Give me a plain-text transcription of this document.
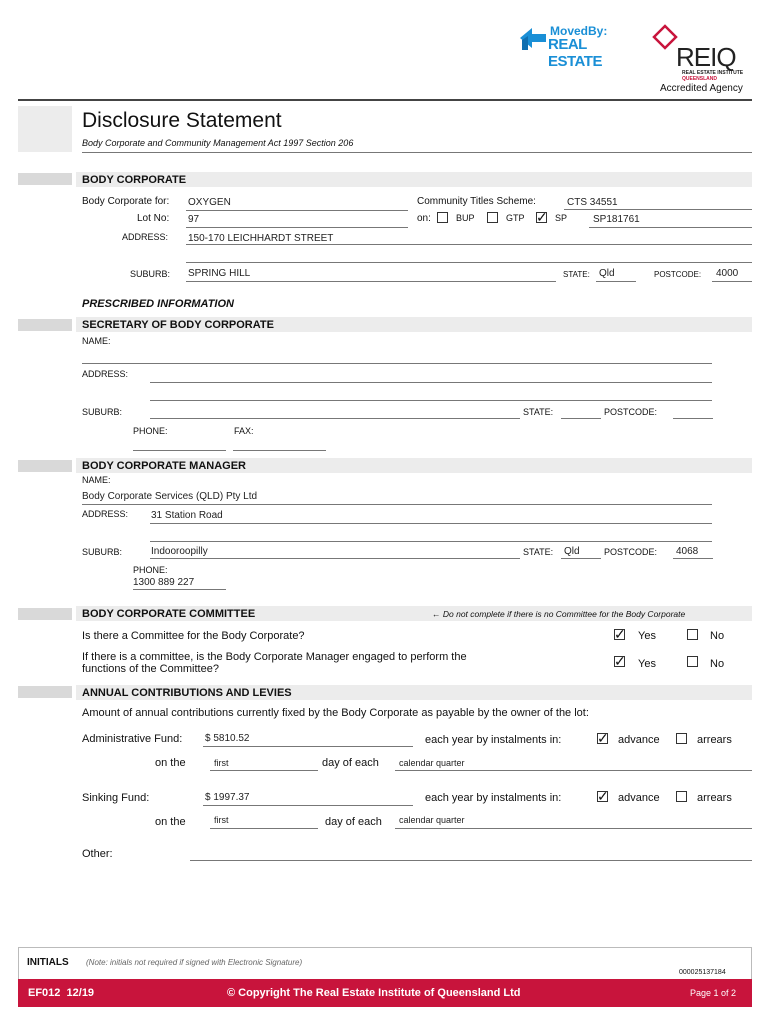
MovedBy:
REAL ESTATE	REIQ
REAL ESTATE INSTITUTE
QUEENSLAND
Accredited Agency
Disclosure Statement
Body Corporate and Community Management Act 1997 Section 206
BODY CORPORATE
Body Corporate for: OXYGEN
Lot No: 97
ADDRESS: 150-170 LEICHHARDT STREET
SUBURB: SPRING HILL	STATE: Qld	POSTCODE: 4000
Community Titles Scheme:	CTS 34551
on:	BUP	GTP ✓ SP	SP181761
PRESCRIBED INFORMATION
SECRETARY OF BODY CORPORATE
NAME:
ADDRESS:
SUBURB:	STATE:	POSTCODE:
PHONE:	FAX:
BODY CORPORATE MANAGER
NAME:
Body Corporate Services (QLD) Pty Ltd
ADDRESS: 31 Station Road
SUBURB:	Indooroopilly	STATE: Qld	POSTCODE: 4068
PHONE:
1300 889 227
BODY CORPORATE COMMITTEE	← Do not complete if there is no Committee for the Body Corporate
Is there a Committee for the Body Corporate?	✓ Yes	No
If there is a committee, is the Body Corporate Manager engaged to perform the
functions of the Committee?	✓ Yes	No
ANNUAL CONTRIBUTIONS AND LEVIES
Amount of annual contributions currently fixed by the Body Corporate as payable by the owner of the lot:
Administrative Fund: $ 5810.52	each year by instalments in:	✓ advance	arrears
on the	first	day of each calendar quarter
Sinking Fund:	$ 1997.37	each year by instalments in:	✓ advance	arrears
on the	first	day of each calendar quarter
Other:
INITIALS (Note: initials not required if signed with Electronic Signature)
000025137184
EF012  12/19	© Copyright The Real Estate Institute of Queensland Ltd	Page 1 of 2
